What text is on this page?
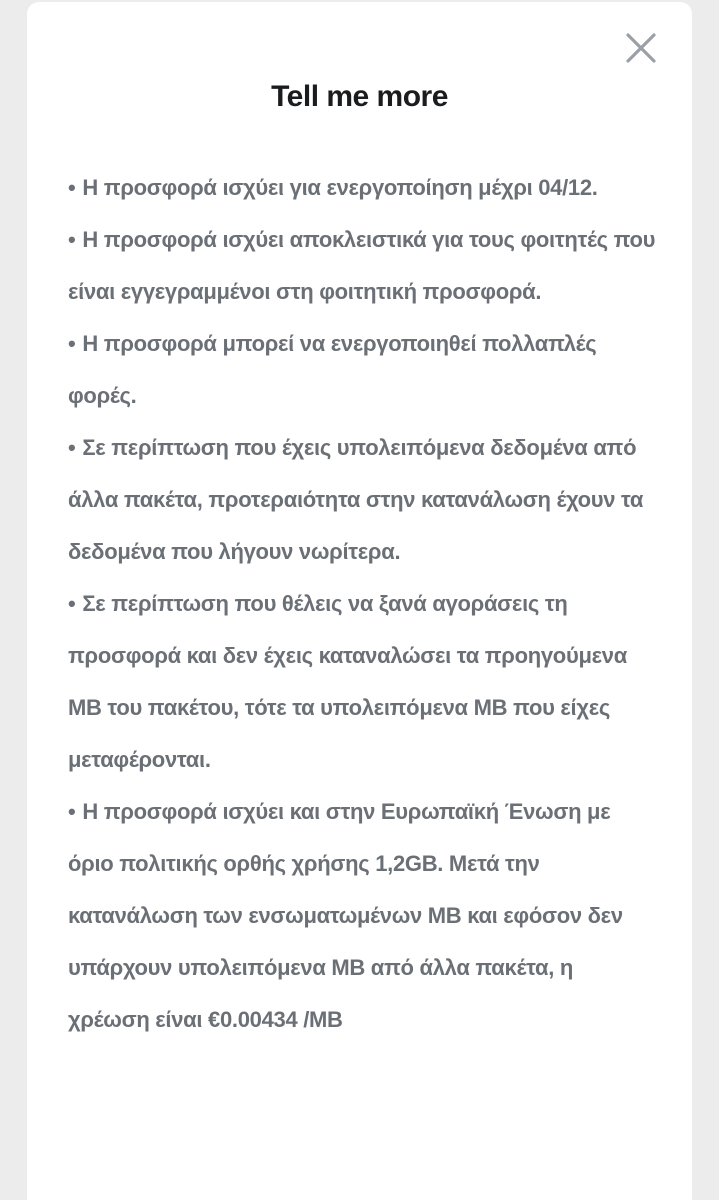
Tell me more
• Η προσφορά ισχύει για ενεργοποίηση μέχρι 04/12.
• Η προσφορά ισχύει αποκλειστικά για τους φοιτητές που είναι εγγεγραμμένοι στη φοιτητική προσφορά.
• Η προσφορά μπορεί να ενεργοποιηθεί πολλαπλές φορές.
• Σε περίπτωση που έχεις υπολειπόμενα δεδομένα από άλλα πακέτα, προτεραιότητα στην κατανάλωση έχουν τα δεδομένα που λήγουν νωρίτερα.
• Σε περίπτωση που θέλεις να ξανά αγοράσεις τη προσφορά και δεν έχεις καταναλώσει τα προηγούμενα MB του πακέτου, τότε τα υπολειπόμενα MB που είχες μεταφέρονται.
• Η προσφορά ισχύει και στην Ευρωπαϊκή Ένωση με όριο πολιτικής ορθής χρήσης 1,2GB. Μετά την κατανάλωση των ενσωματωμένων MB και εφόσον δεν υπάρχουν υπολειπόμενα MB από άλλα πακέτα, η χρέωση είναι €0.00434 /MB
